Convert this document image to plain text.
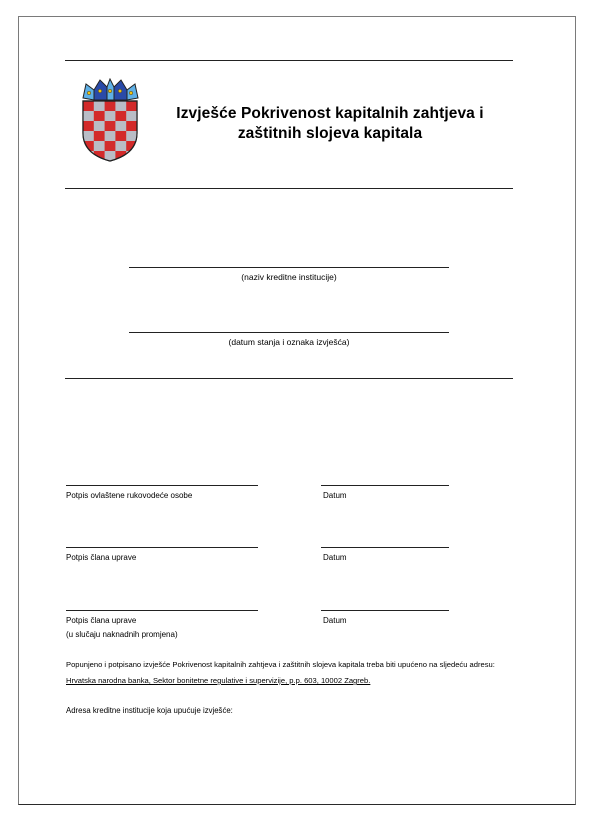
Izvješće Pokrivenost kapitalnih zahtjeva i
zaštitnih slojeva kapitala
(naziv kreditne institucije)
(datum stanja i oznaka izvješća)
Potpis ovlaštene rukovodeće osobe	Datum
Potpis člana uprave	Datum
Potpis člana uprave
(u slučaju naknadnih promjena)
Datum
Popunjeno i potpisano izvješće Pokrivenost kapitalnih zahtjeva i zaštitnih slojeva kapitala treba biti upućeno na sljedeću adresu:
Hrvatska narodna banka, Sektor bonitetne regulative i supervizije, p.p. 603, 10002 Zagreb.
Adresa kreditne institucije koja upućuje izvješće:
